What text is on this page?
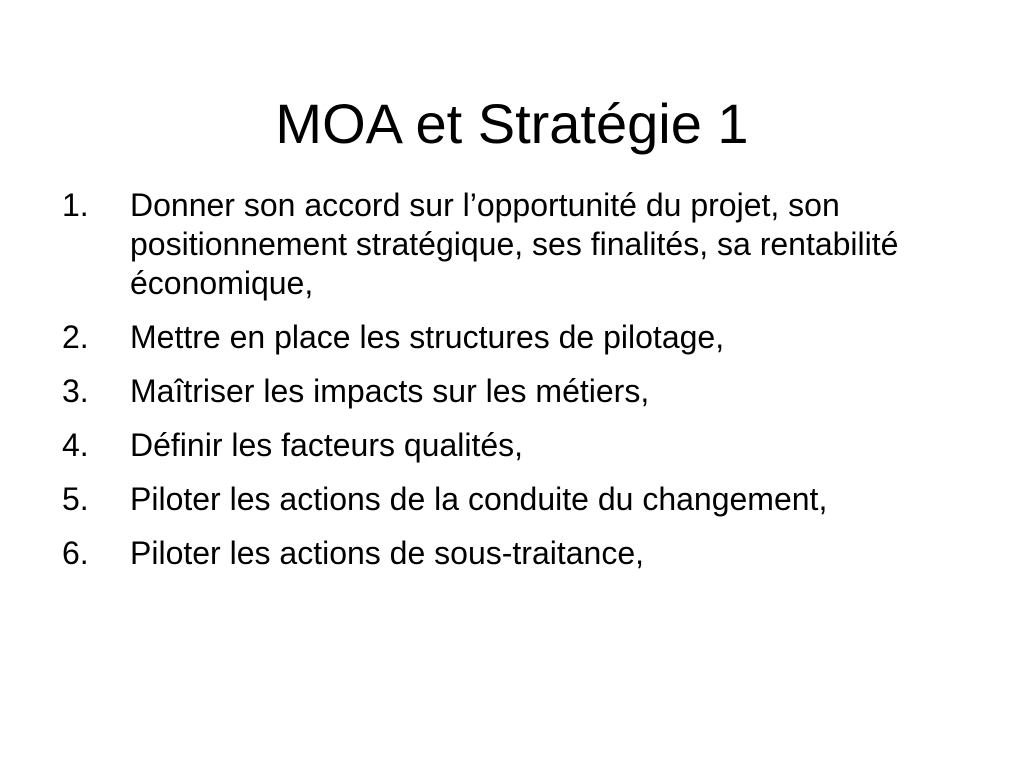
MOA et Stratégie 1
1. Donner son accord sur l’opportunité du projet, son positionnement stratégique, ses finalités, sa rentabilité économique,
2. Mettre en place les structures de pilotage,
3. Maîtriser les impacts sur les métiers,
4. Définir les facteurs qualités,
5. Piloter les actions de la conduite du changement,
6. Piloter les actions de sous-traitance,
